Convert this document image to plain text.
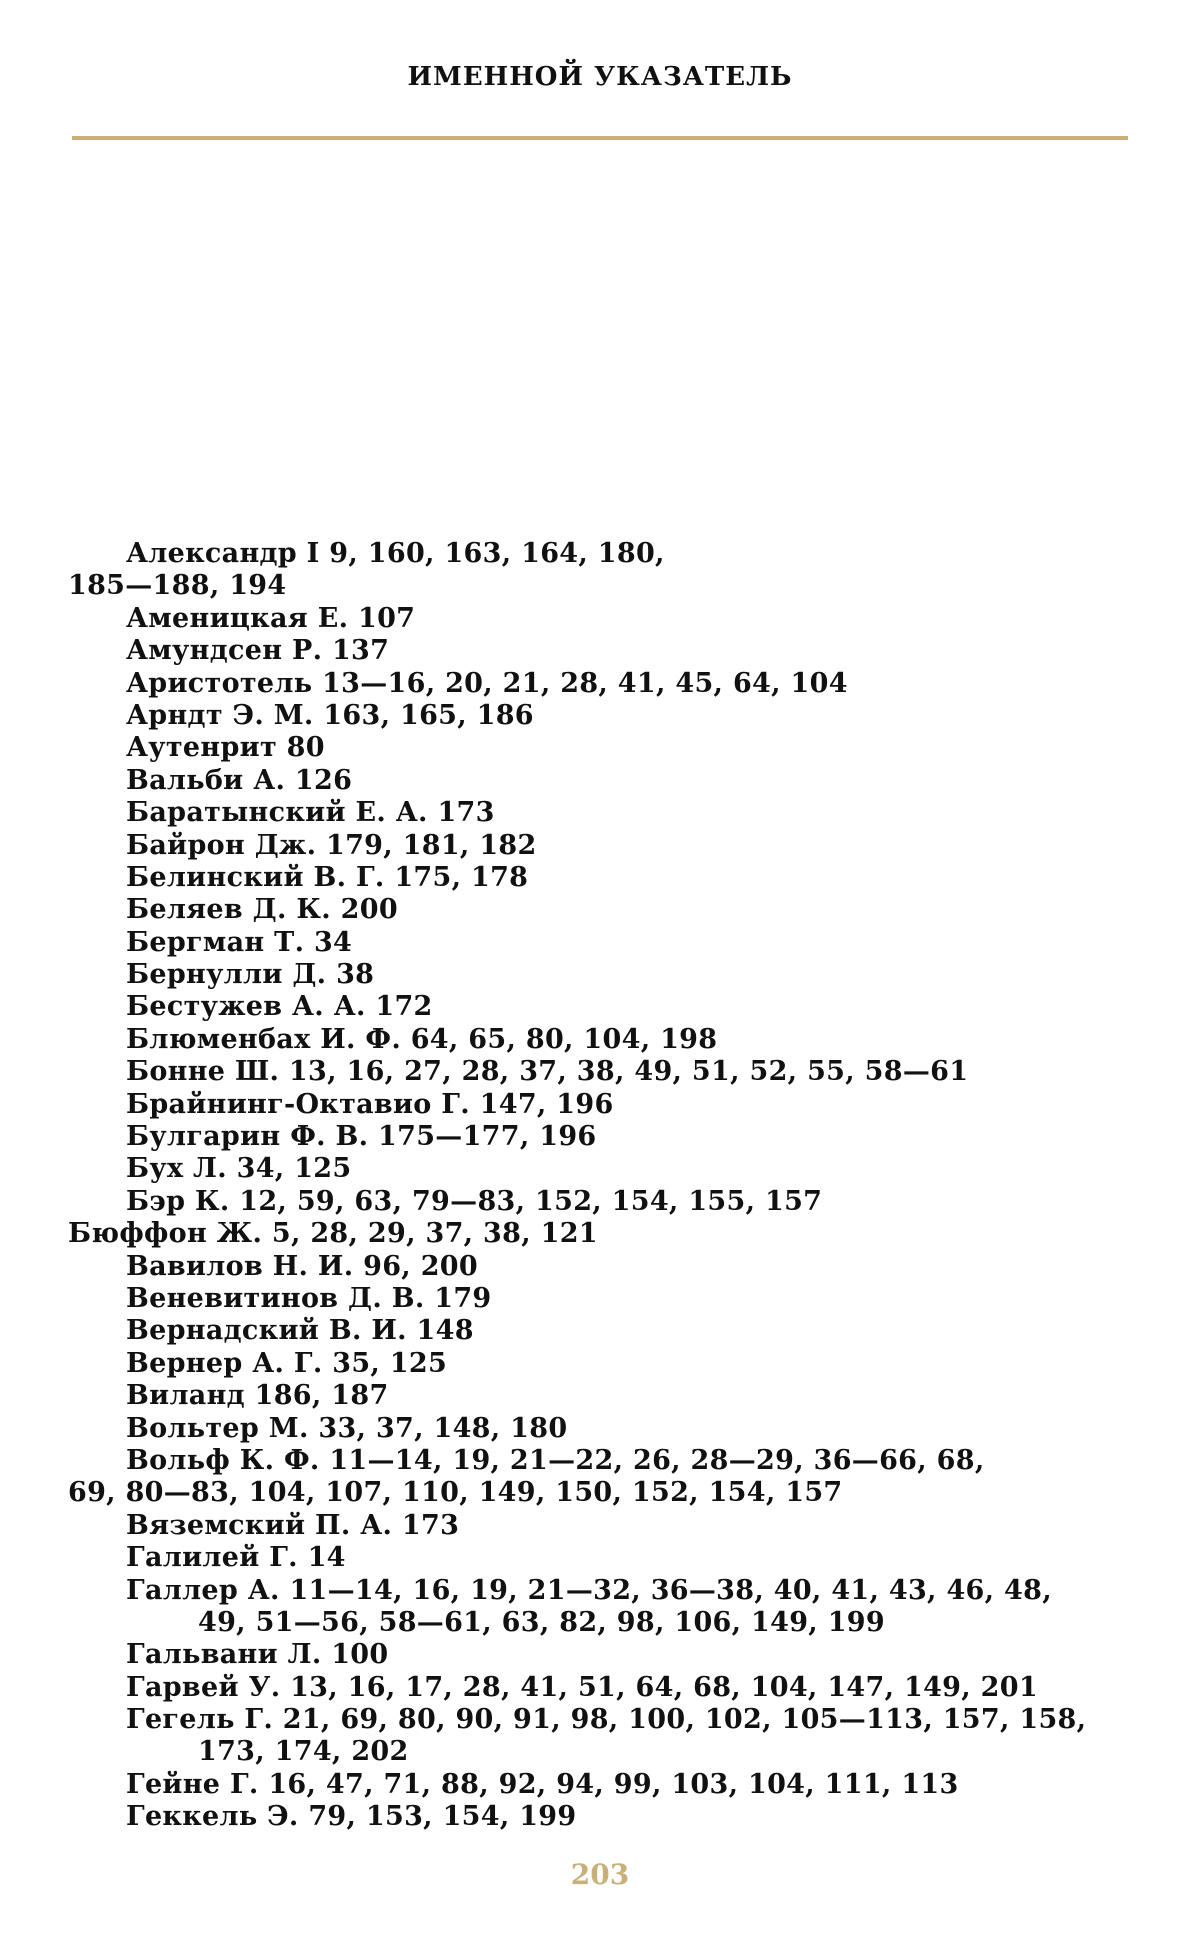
ИМЕННОЙ УКАЗАТЕЛЬ
Александр I 9, 160, 163, 164, 180,
185—188, 194
Аменицкая Е. 107
Амундсен Р. 137
Аристотель 13—16, 20, 21, 28, 41, 45, 64, 104
Арндт Э. М. 163, 165, 186
Аутенрит 80
Вальби А. 126
Баратынский Е. А. 173
Байрон Дж. 179, 181, 182
Белинский В. Г. 175, 178
Беляев Д. К. 200
Бергман Т. 34
Бернулли Д. 38
Бестужев А. А. 172
Блюменбах И. Ф. 64, 65, 80, 104, 198
Бонне Ш. 13, 16, 27, 28, 37, 38, 49, 51, 52, 55, 58—61
Брайнинг-Октавио Г. 147, 196
Булгарин Ф. В. 175—177, 196
Бух Л. 34, 125
Бэр К. 12, 59, 63, 79—83, 152, 154, 155, 157
Бюффон Ж. 5, 28, 29, 37, 38, 121
Вавилов Н. И. 96, 200
Веневитинов Д. В. 179
Вернадский В. И. 148
Вернер А. Г. 35, 125
Виланд 186, 187
Вольтер М. 33, 37, 148, 180
Вольф К. Ф. 11—14, 19, 21—22, 26, 28—29, 36—66, 68,
69, 80—83, 104, 107, 110, 149, 150, 152, 154, 157
Вяземский П. А. 173
Галилей Г. 14
Галлер А. 11—14, 16, 19, 21—32, 36—38, 40, 41, 43, 46, 48,
49, 51—56, 58—61, 63, 82, 98, 106, 149, 199
Гальвани Л. 100
Гарвей У. 13, 16, 17, 28, 41, 51, 64, 68, 104, 147, 149, 201
Гегель Г. 21, 69, 80, 90, 91, 98, 100, 102, 105—113, 157, 158,
173, 174, 202
Гейне Г. 16, 47, 71, 88, 92, 94, 99, 103, 104, 111, 113
Геккель Э. 79, 153, 154, 199
203
